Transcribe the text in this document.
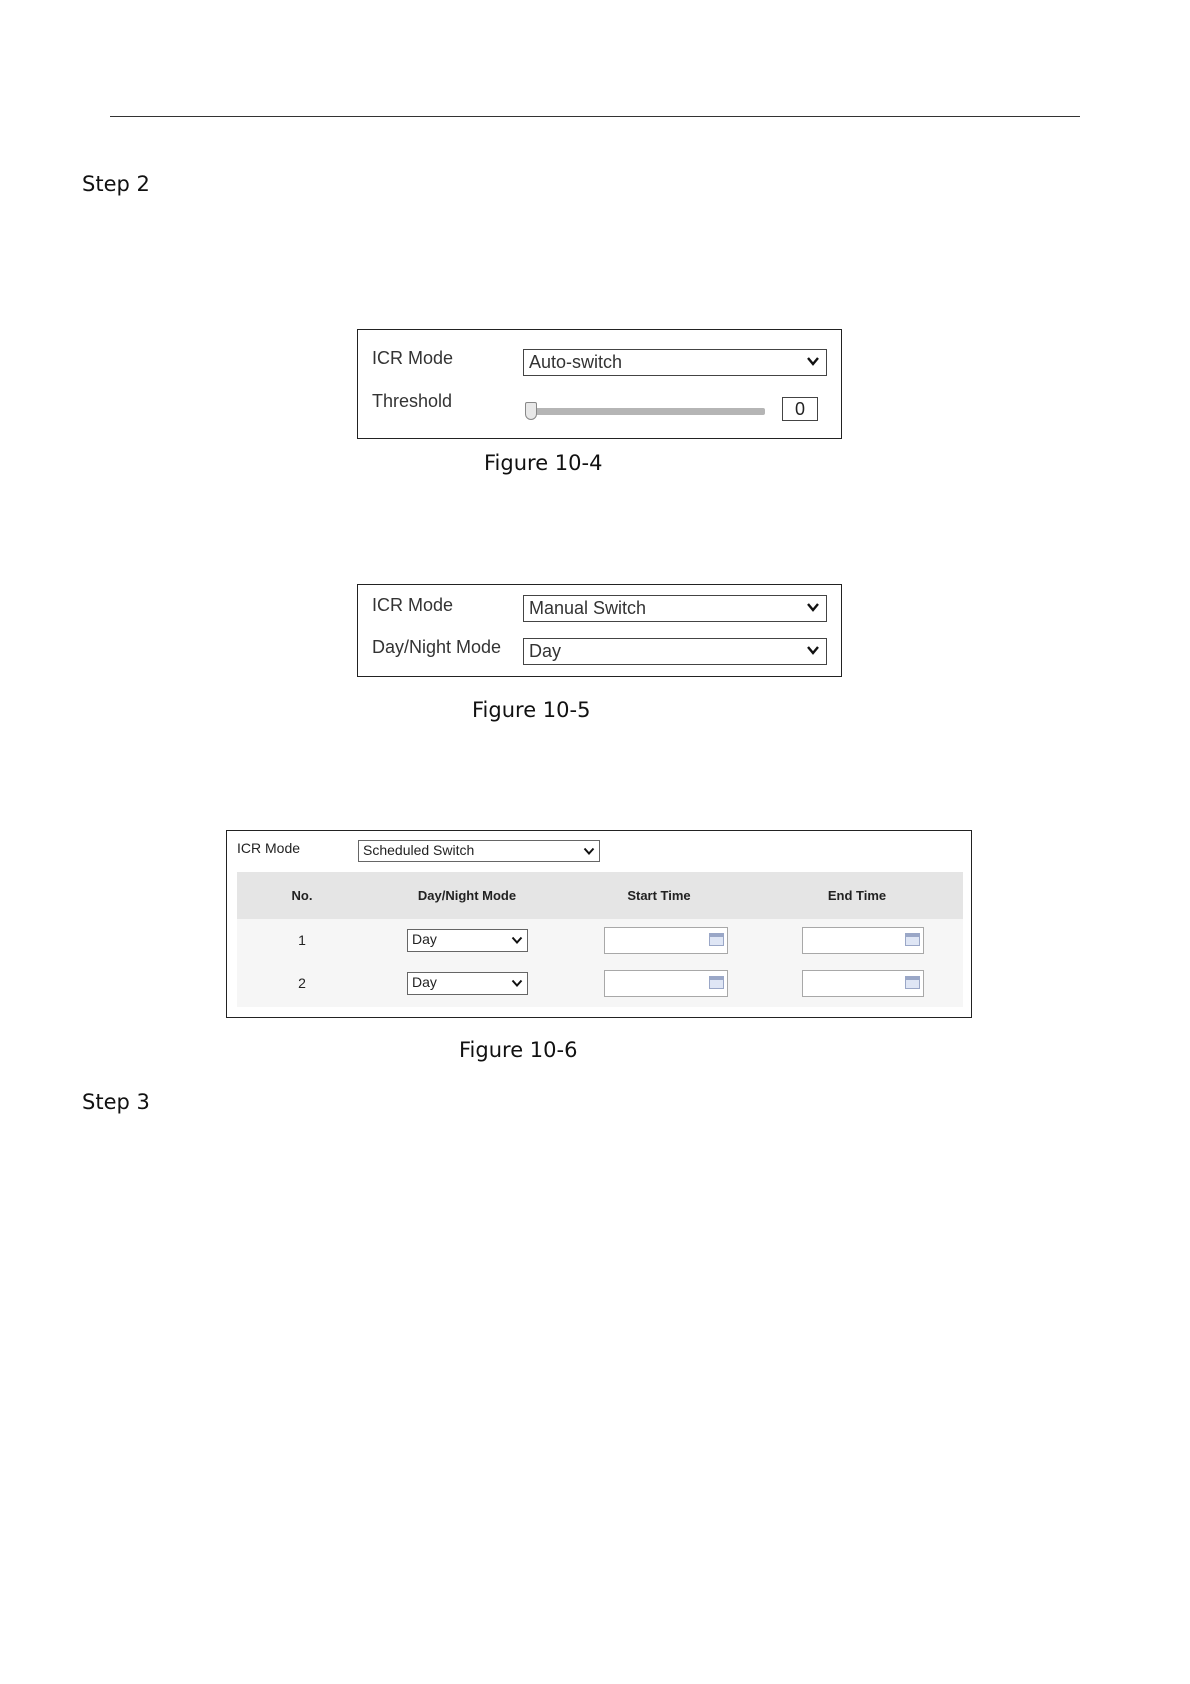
Step 2
ICR Mode	Auto-switch
Threshold	0
Figure 10-4
ICR Mode	Manual Switch
Day/Night Mode	Day
Figure 10-5
ICR Mode	Scheduled Switch
No.	Day/Night Mode	Start Time	End Time
1	Day
2	Day
Figure 10-6
Step 3
